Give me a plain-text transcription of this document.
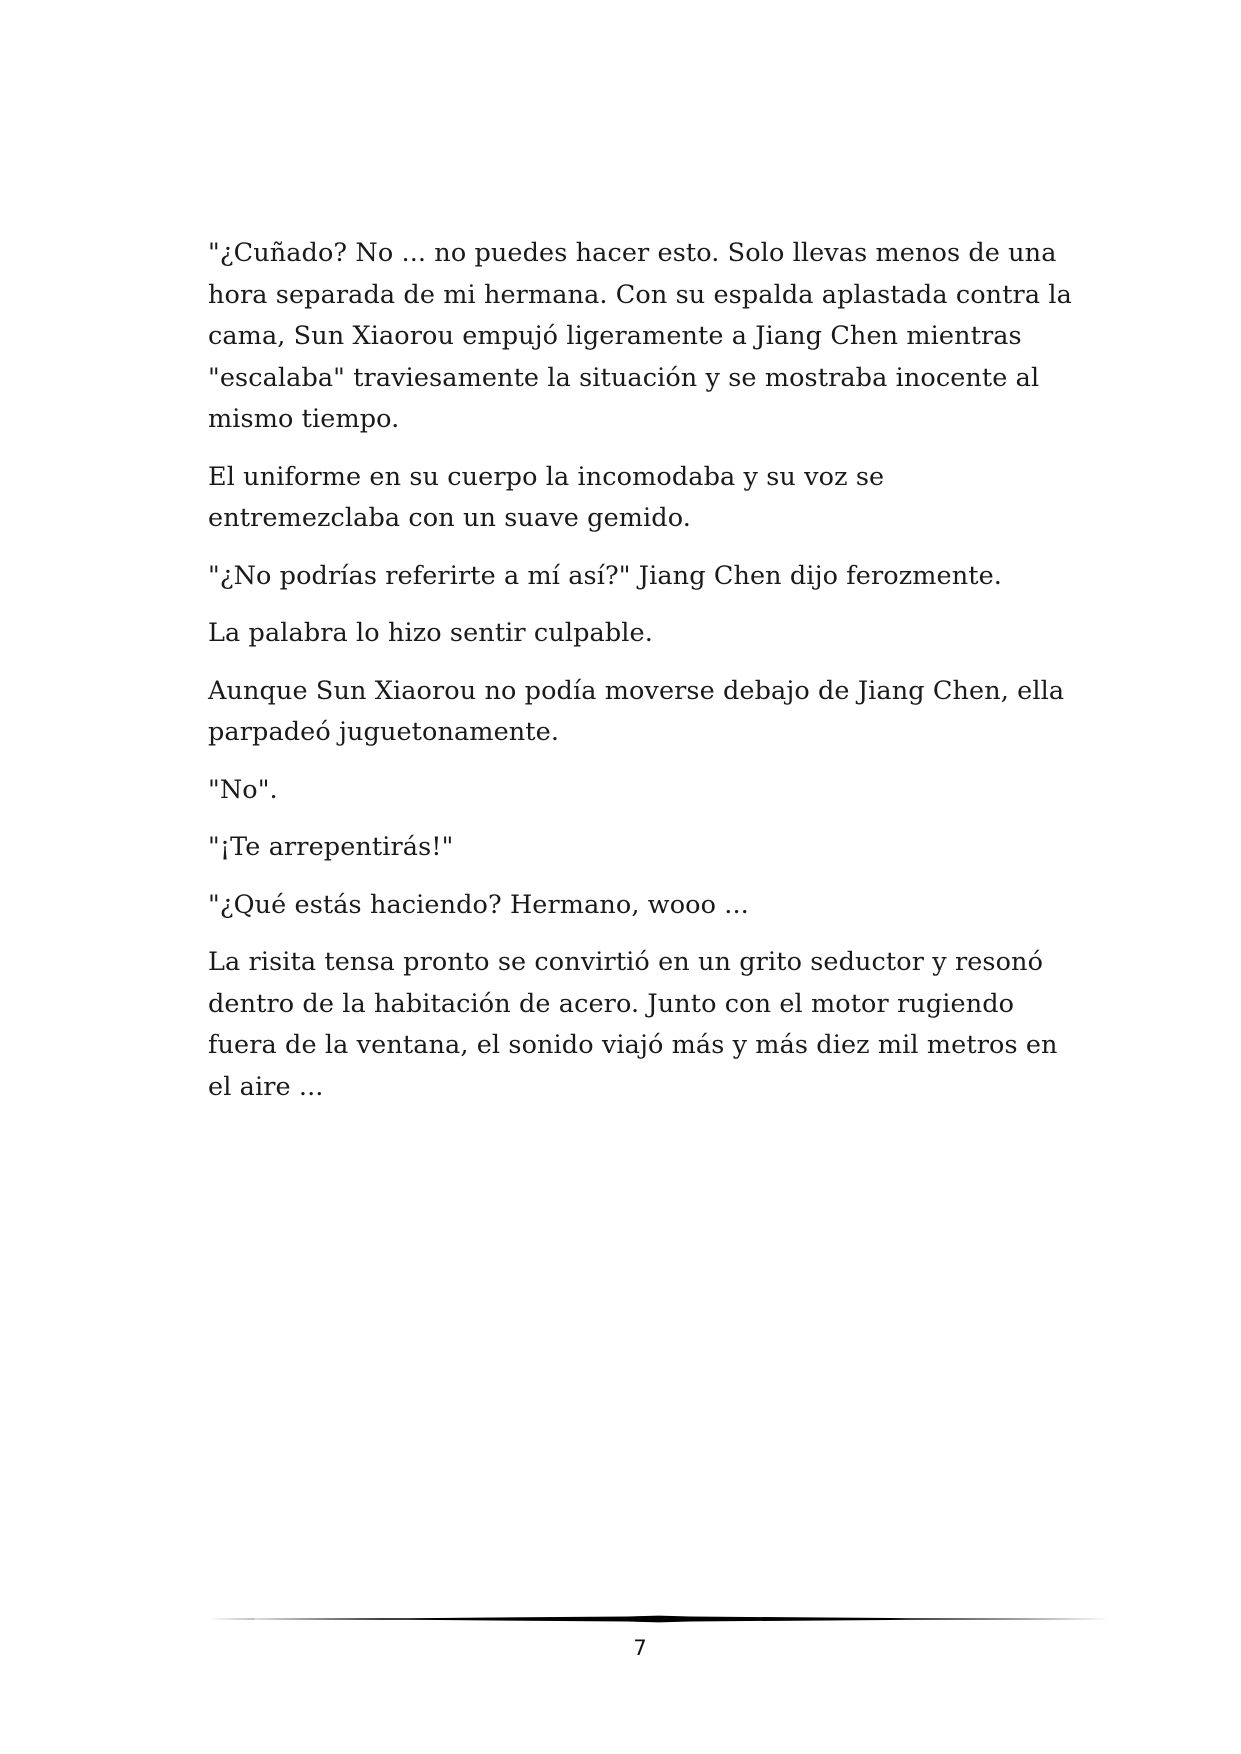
"¿Cuñado? No ... no puedes hacer esto. Solo llevas menos de una hora separada de mi hermana. Con su espalda aplastada contra la cama, Sun Xiaorou empujó ligeramente a Jiang Chen mientras "escalaba" traviesamente la situación y se mostraba inocente al mismo tiempo.

El uniforme en su cuerpo la incomodaba y su voz se entremezclaba con un suave gemido.

"¿No podrías referirte a mí así?" Jiang Chen dijo ferozmente.

La palabra lo hizo sentir culpable.

Aunque Sun Xiaorou no podía moverse debajo de Jiang Chen, ella parpadeó juguetonamente.

"No".

"¡Te arrepentirás!"

"¿Qué estás haciendo? Hermano, wooo ...

La risita tensa pronto se convirtió en un grito seductor y resonó dentro de la habitación de acero. Junto con el motor rugiendo fuera de la ventana, el sonido viajó más y más diez mil metros en el aire ...

7
